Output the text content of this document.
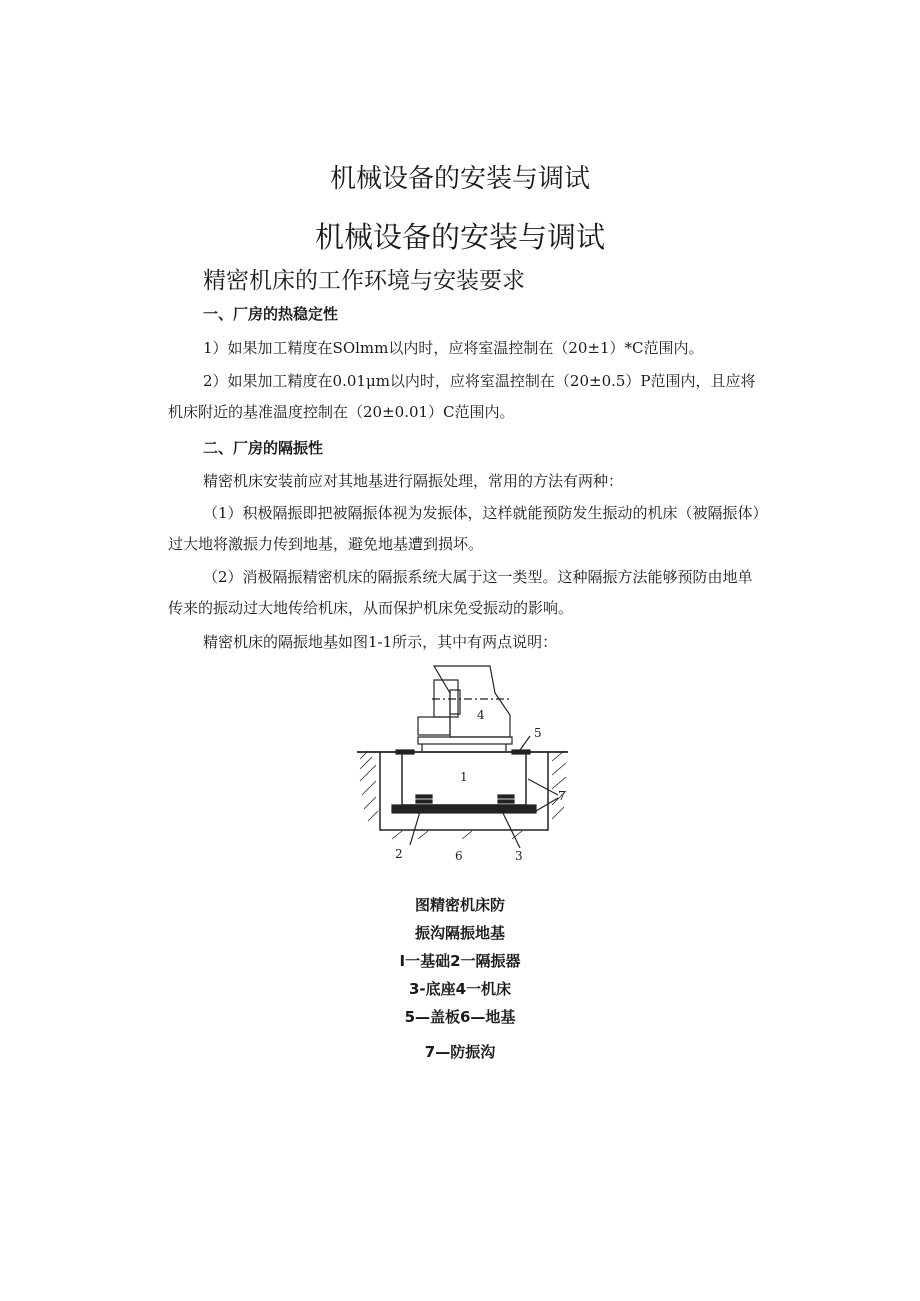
机械设备的安装与调试
机械设备的安装与调试
精密机床的工作环境与安装要求
一、厂房的热稳定性
1）如果加工精度在SOlmm以内时，应将室温控制在（20±1）*C范围内。
2）如果加工精度在0.01μm以内时，应将室温控制在（20±0.5）P范围内，且应将机床附近的基准温度控制在（20±0.01）C范围内。
二、厂房的隔振性
精密机床安装前应对其地基进行隔振处理，常用的方法有两种：
（1）积极隔振即把被隔振体视为发振体，这样就能预防发生振动的机床（被隔振体）过大地将激振力传到地基，避免地基遭到损坏。
（2）消极隔振精密机床的隔振系统大属于这一类型。这种隔振方法能够预防由地单传来的振动过大地传给机床，从而保护机床免受振动的影响。
精密机床的隔振地基如图1-1所示，其中有两点说明：
1
2	3
4
5
6
7
图精密机床防
振沟隔振地基
I一基础2一隔振器
3-底座4一机床
5—盖板6—地基
7—防振沟
